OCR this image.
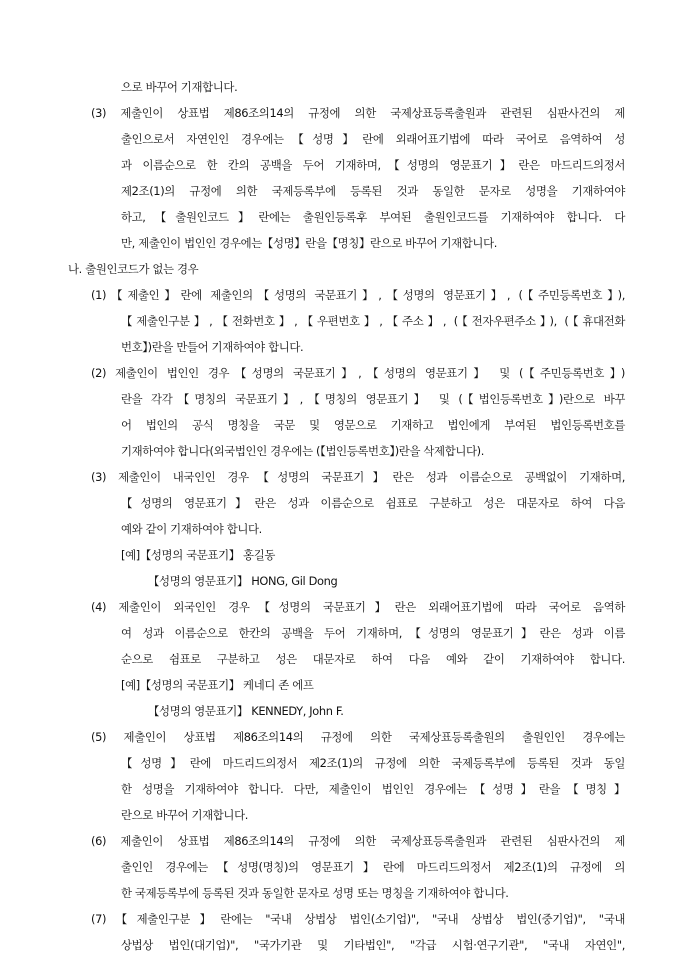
으로 바꾸어 기재합니다.
(3) 제출인이 상표법 제86조의14의 규정에 의한 국제상표등록출원과 관련된 심판사건의 제
출인으로서 자연인인 경우에는【성명】란에 외래어표기법에 따라 국어로 음역하여 성
과 이름순으로 한 칸의 공백을 두어 기재하며,【성명의 영문표기】란은 마드리드의정서
제2조(1)의 규정에 의한 국제등록부에 등록된 것과 동일한 문자로 성명을 기재하여야
하고,【출원인코드】란에는 출원인등록후 부여된 출원인코드를 기재하여야 합니다. 다
만, 제출인이 법인인 경우에는【성명】란을【명칭】란으로 바꾸어 기재합니다.
나. 출원인코드가 없는 경우
(1)【제출인】란에 제출인의【성명의 국문표기】,【성명의 영문표기】, (【주민등록번호】),
【제출인구분】,【전화번호】,【우편번호】,【주소】, (【전자우편주소】), (【휴대전화
번호】)란을 만들어 기재하여야 합니다.
(2) 제출인이 법인인 경우【성명의 국문표기】,【성명의 영문표기】 및 (【주민등록번호】)
란을 각각【명칭의 국문표기】,【명칭의 영문표기】 및 (【법인등록번호】)란으로 바꾸
어 법인의 공식 명칭을 국문 및 영문으로 기재하고 법인에게 부여된 법인등록번호를
기재하여야 합니다(외국법인인 경우에는 (【법인등록번호】)란을 삭제합니다).
(3) 제출인이 내국인인 경우【성명의 국문표기】란은 성과 이름순으로 공백없이 기재하며,
【성명의 영문표기】란은 성과 이름순으로 쉼표로 구분하고 성은 대문자로 하여 다음
예와 같이 기재하여야 합니다.
[예]【성명의 국문표기】 홍길동
【성명의 영문표기】 HONG, Gil Dong
(4) 제출인이 외국인인 경우【성명의 국문표기】란은 외래어표기법에 따라 국어로 음역하
여 성과 이름순으로 한칸의 공백을 두어 기재하며,【성명의 영문표기】란은 성과 이름
순으로 쉼표로 구분하고 성은 대문자로 하여 다음 예와 같이 기재하여야 합니다.
[예]【성명의 국문표기】 케네디 존 에프
【성명의 영문표기】 KENNEDY, John F.
(5) 제출인이 상표법 제86조의14의 규정에 의한 국제상표등록출원의 출원인인 경우에는
【성명】란에 마드리드의정서 제2조(1)의 규정에 의한 국제등록부에 등록된 것과 동일
한 성명을 기재하여야 합니다. 다만, 제출인이 법인인 경우에는【성명】란을【명칭】
란으로 바꾸어 기재합니다.
(6) 제출인이 상표법 제86조의14의 규정에 의한 국제상표등록출원과 관련된 심판사건의 제
출인인 경우에는【성명(명칭)의 영문표기】란에 마드리드의정서 제2조(1)의 규정에 의
한 국제등록부에 등록된 것과 동일한 문자로 성명 또는 명칭을 기재하여야 합니다.
(7)【제출인구분】란에는 "국내 상법상 법인(소기업)", "국내 상법상 법인(중기업)", "국내
상법상 법인(대기업)", "국가기관 및 기타법인", "각급 시험·연구기관", "국내 자연인",
